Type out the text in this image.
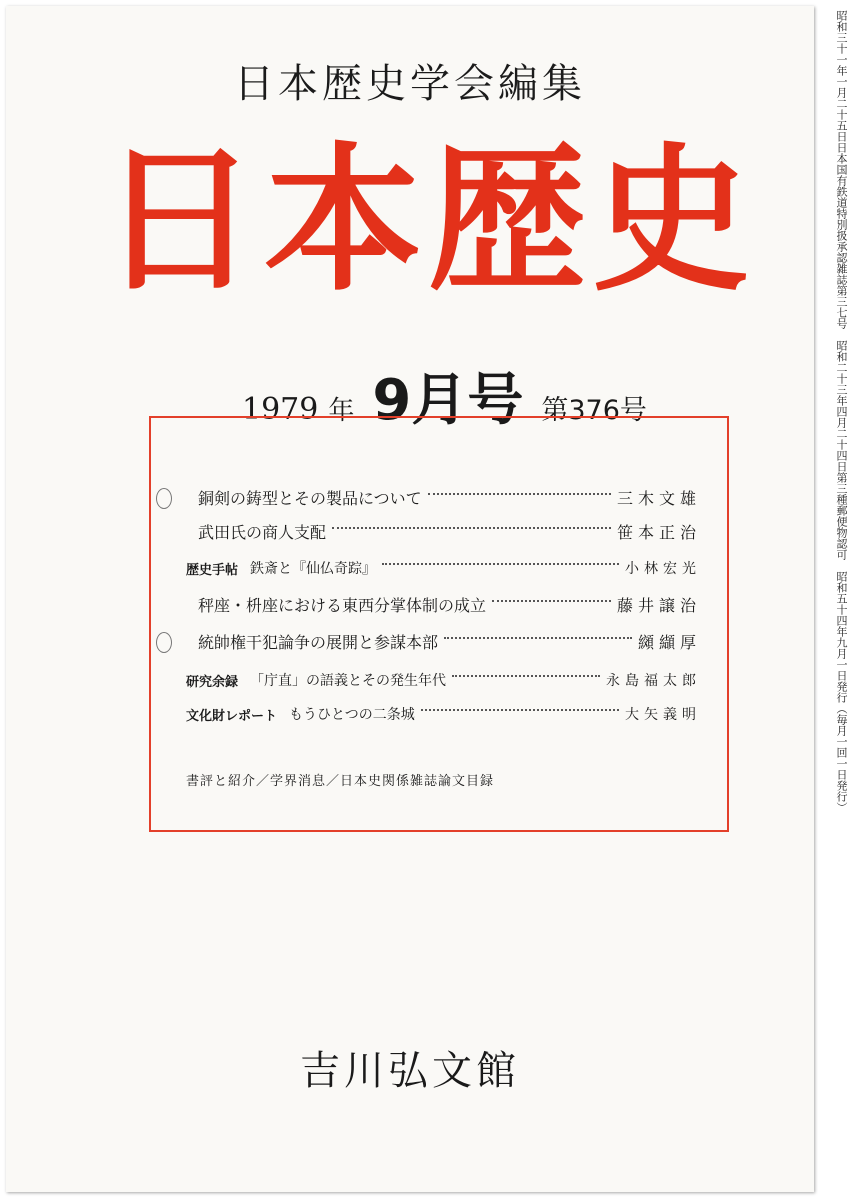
日本歴史学会編集
日本歴史
1979 年 9月号 第376号
銅剣の鋳型とその製品について	三木文雄
武田氏の商人支配	笹本正治
歴史手帖 鉄斎と『仙仏奇踪』	小林宏光
秤座・枡座における東西分掌体制の成立	藤井譲治
統帥権干犯論争の展開と参謀本部	纐纈厚
研究余録 「庁直」の語義とその発生年代	永島福太郎
文化財レポート もうひとつの二条城	大矢義明
書評と紹介／学界消息／日本史関係雑誌論文目録
吉川弘文館
昭和三十一年一月二十五日日本国有鉄道特別扱承認雑誌第三七号　昭和二十三年四月二十四日第三種郵便物認可　昭和五十四年九月一日発行（毎月一回一日発行）
